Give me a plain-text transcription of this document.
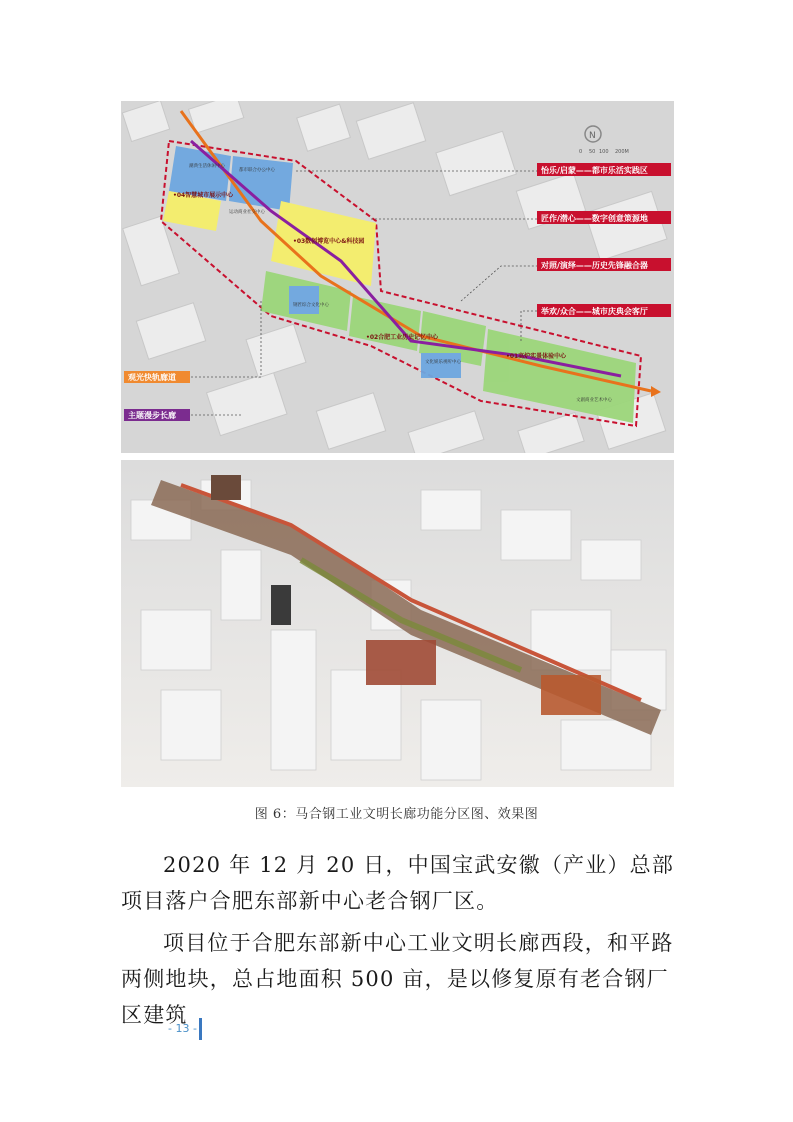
•04智慧城市展示中心
•03数创博览中心&科技园
•02合肥工业历史记忆中心
•01高炉实景体验中心
潮典生活休闲中心
都市联合办公中心
运动商业社交中心
钢匠综合文化中心
文化娱乐视听中心
文創商业艺术中心
N
0 50 100 200M
怡乐/启蒙——都市乐活实践区
匠作/潜心——数字创意策源地
对照/演绎——历史先锋融合器
举欢/众合——城市庆典会客厅
观光快轨廊道
主题漫步长廊
图 6：马合钢工业文明长廊功能分区图、效果图

2020 年 12 月 20 日，中国宝武安徽（产业）总部项目落户合肥东部新中心老合钢厂区。

项目位于合肥东部新中心工业文明长廊西段，和平路两侧地块，总占地面积 500 亩，是以修复原有老合钢厂区建筑

- 13 -
